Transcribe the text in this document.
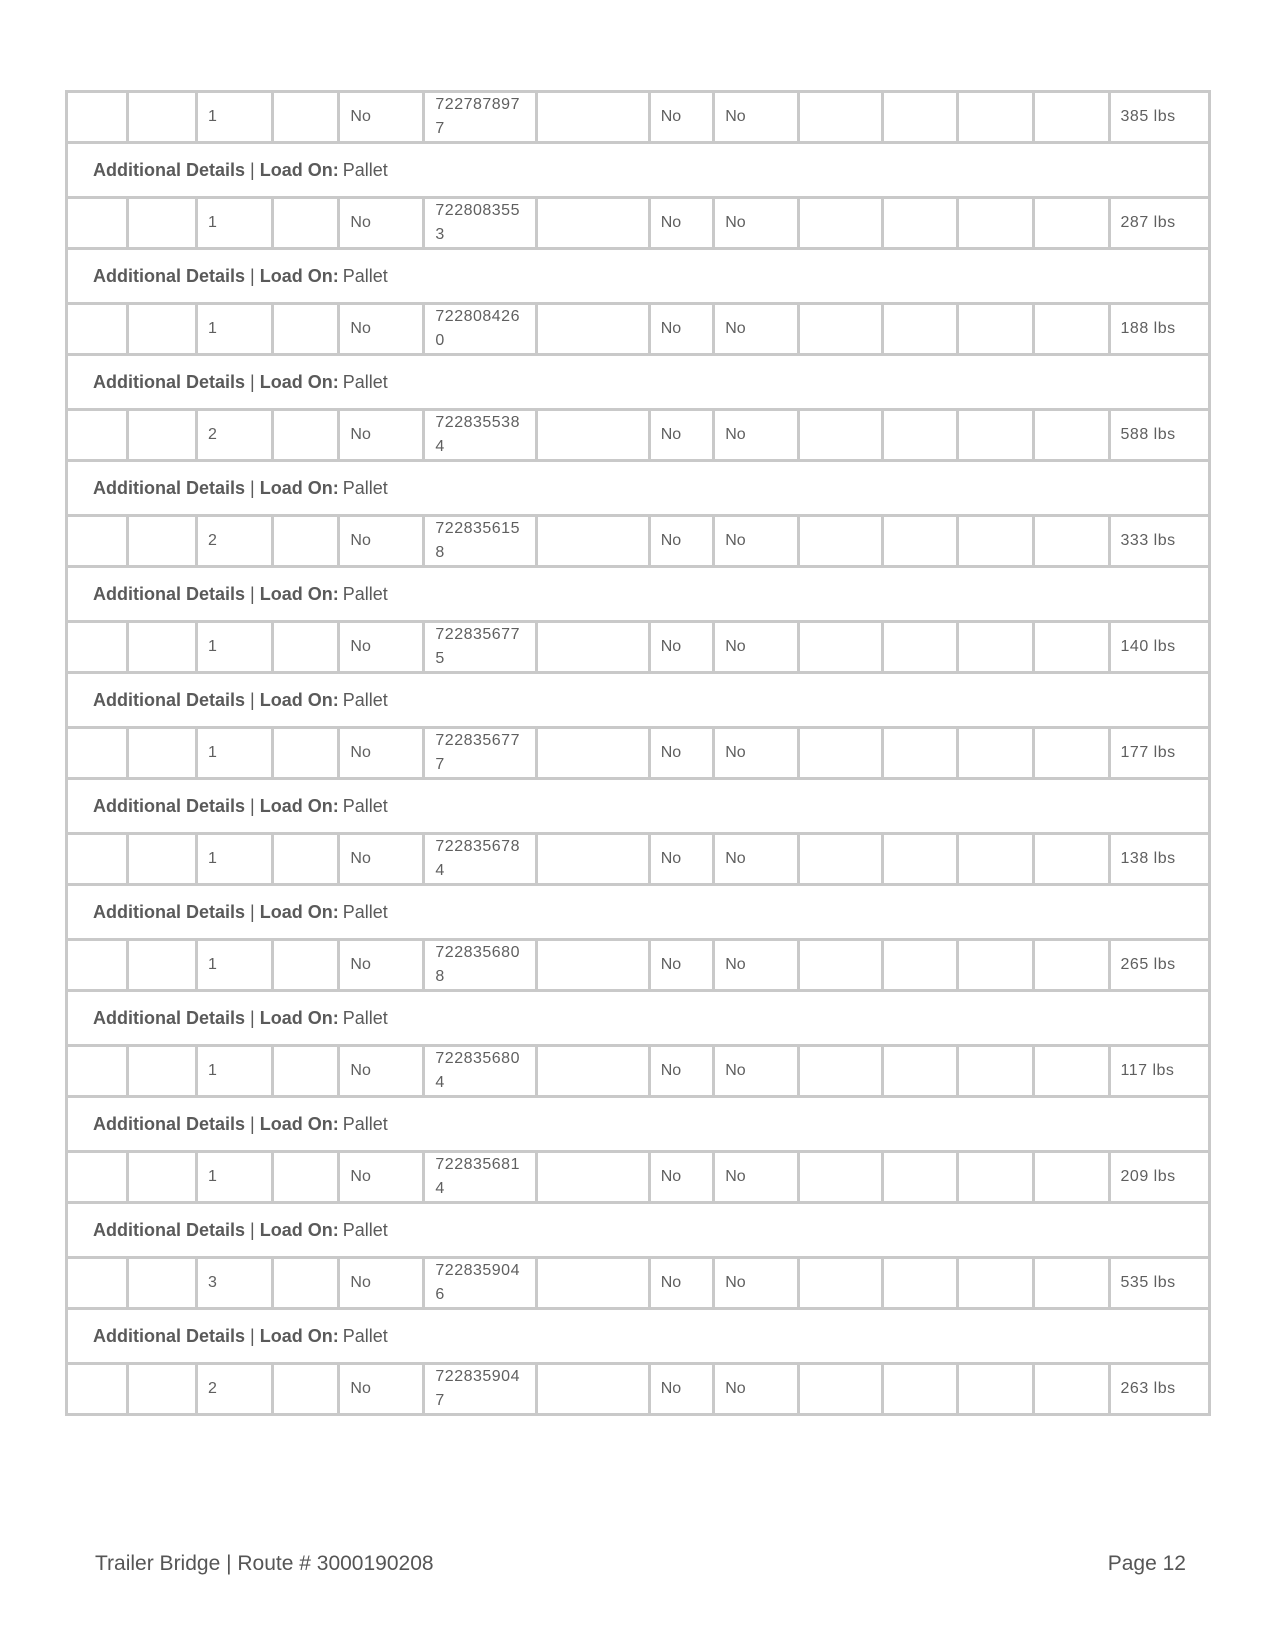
		1		No	7227878977		No	No					385 lbs
Additional Details | Load On: Pallet													
		1		No	7228083553		No	No					287 lbs
Additional Details | Load On: Pallet													
		1		No	7228084260		No	No					188 lbs
Additional Details | Load On: Pallet													
		2		No	7228355384		No	No					588 lbs
Additional Details | Load On: Pallet													
		2		No	7228356158		No	No					333 lbs
Additional Details | Load On: Pallet													
		1		No	7228356775		No	No					140 lbs
Additional Details | Load On: Pallet													
		1		No	7228356777		No	No					177 lbs
Additional Details | Load On: Pallet													
		1		No	7228356784		No	No					138 lbs
Additional Details | Load On: Pallet													
		1		No	7228356808		No	No					265 lbs
Additional Details | Load On: Pallet													
		1		No	7228356804		No	No					117 lbs
Additional Details | Load On: Pallet													
		1		No	7228356814		No	No					209 lbs
Additional Details | Load On: Pallet													
		3		No	7228359046		No	No					535 lbs
Additional Details | Load On: Pallet													
		2		No	7228359047		No	No					263 lbs
Trailer Bridge | Route # 3000190208	Page 12
